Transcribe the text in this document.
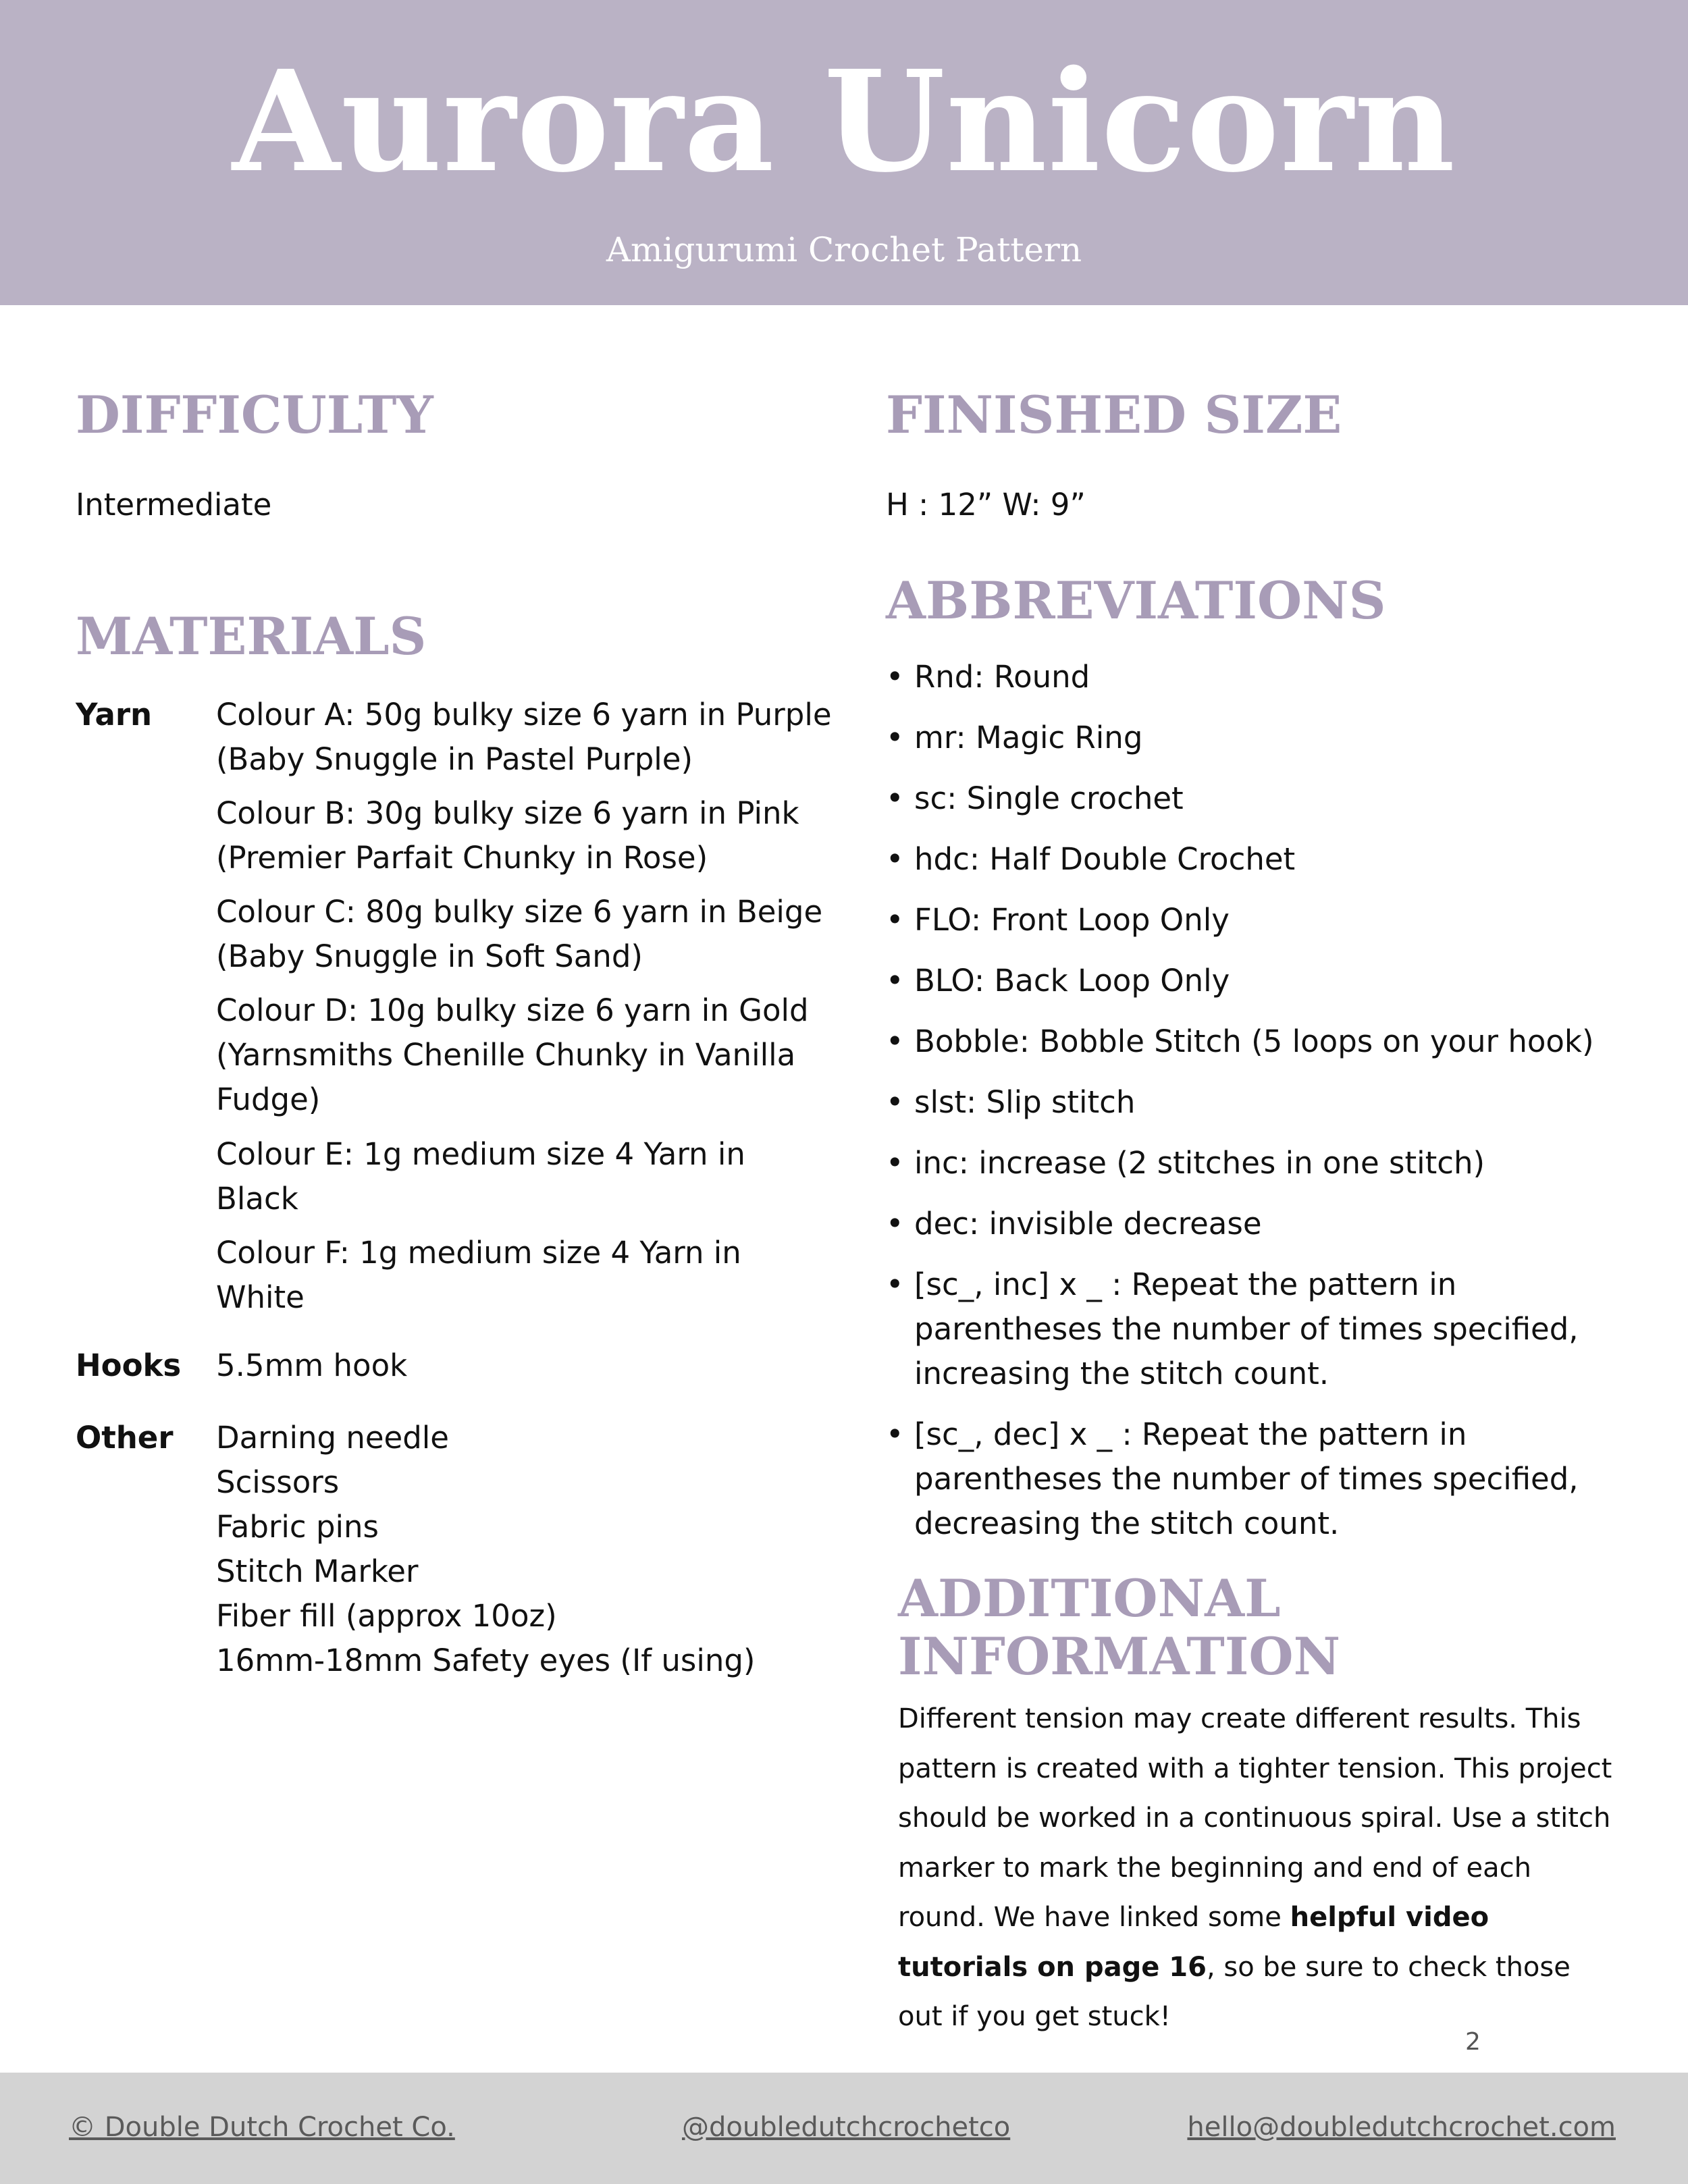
Aurora Unicorn
Amigurumi Crochet Pattern
DIFFICULTY
Intermediate
MATERIALS
Yarn Colour A: 50g bulky size 6 yarn in Purple
(Baby Snuggle in Pastel Purple)
Colour B: 30g bulky size 6 yarn in Pink
(Premier Parfait Chunky in Rose)
Colour C: 80g bulky size 6 yarn in Beige
(Baby Snuggle in Soft Sand)
Colour D: 10g bulky size 6 yarn in Gold
(Yarnsmiths Chenille Chunky in Vanilla
Fudge)
Colour E: 1g medium size 4 Yarn in
Black
Colour F: 1g medium size 4 Yarn in
White
Hooks 5.5mm hook
Other Darning needle
Scissors
Fabric pins
Stitch Marker
Fiber fill (approx 10oz)
16mm-18mm Safety eyes (If using)
FINISHED SIZE
H : 12” W: 9”
ABBREVIATIONS
• Rnd: Round
• mr: Magic Ring
• sc: Single crochet
• hdc: Half Double Crochet
• FLO: Front Loop Only
• BLO: Back Loop Only
• Bobble: Bobble Stitch (5 loops on your hook)
• slst: Slip stitch
• inc: increase (2 stitches in one stitch)
• dec: invisible decrease
• [sc_, inc] x _ : Repeat the pattern in parentheses the number of times specified, increasing the stitch count.
• [sc_, dec] x _ : Repeat the pattern in parentheses the number of times specified, decreasing the stitch count.
ADDITIONAL INFORMATION
Different tension may create different results. This pattern is created with a tighter tension. This project should be worked in a continuous spiral. Use a stitch marker to mark the beginning and end of each round. We have linked some helpful video tutorials on page 16, so be sure to check those out if you get stuck!
2
© Double Dutch Crochet Co.	@doubledutchcrochetco	hello@doubledutchcrochet.com
